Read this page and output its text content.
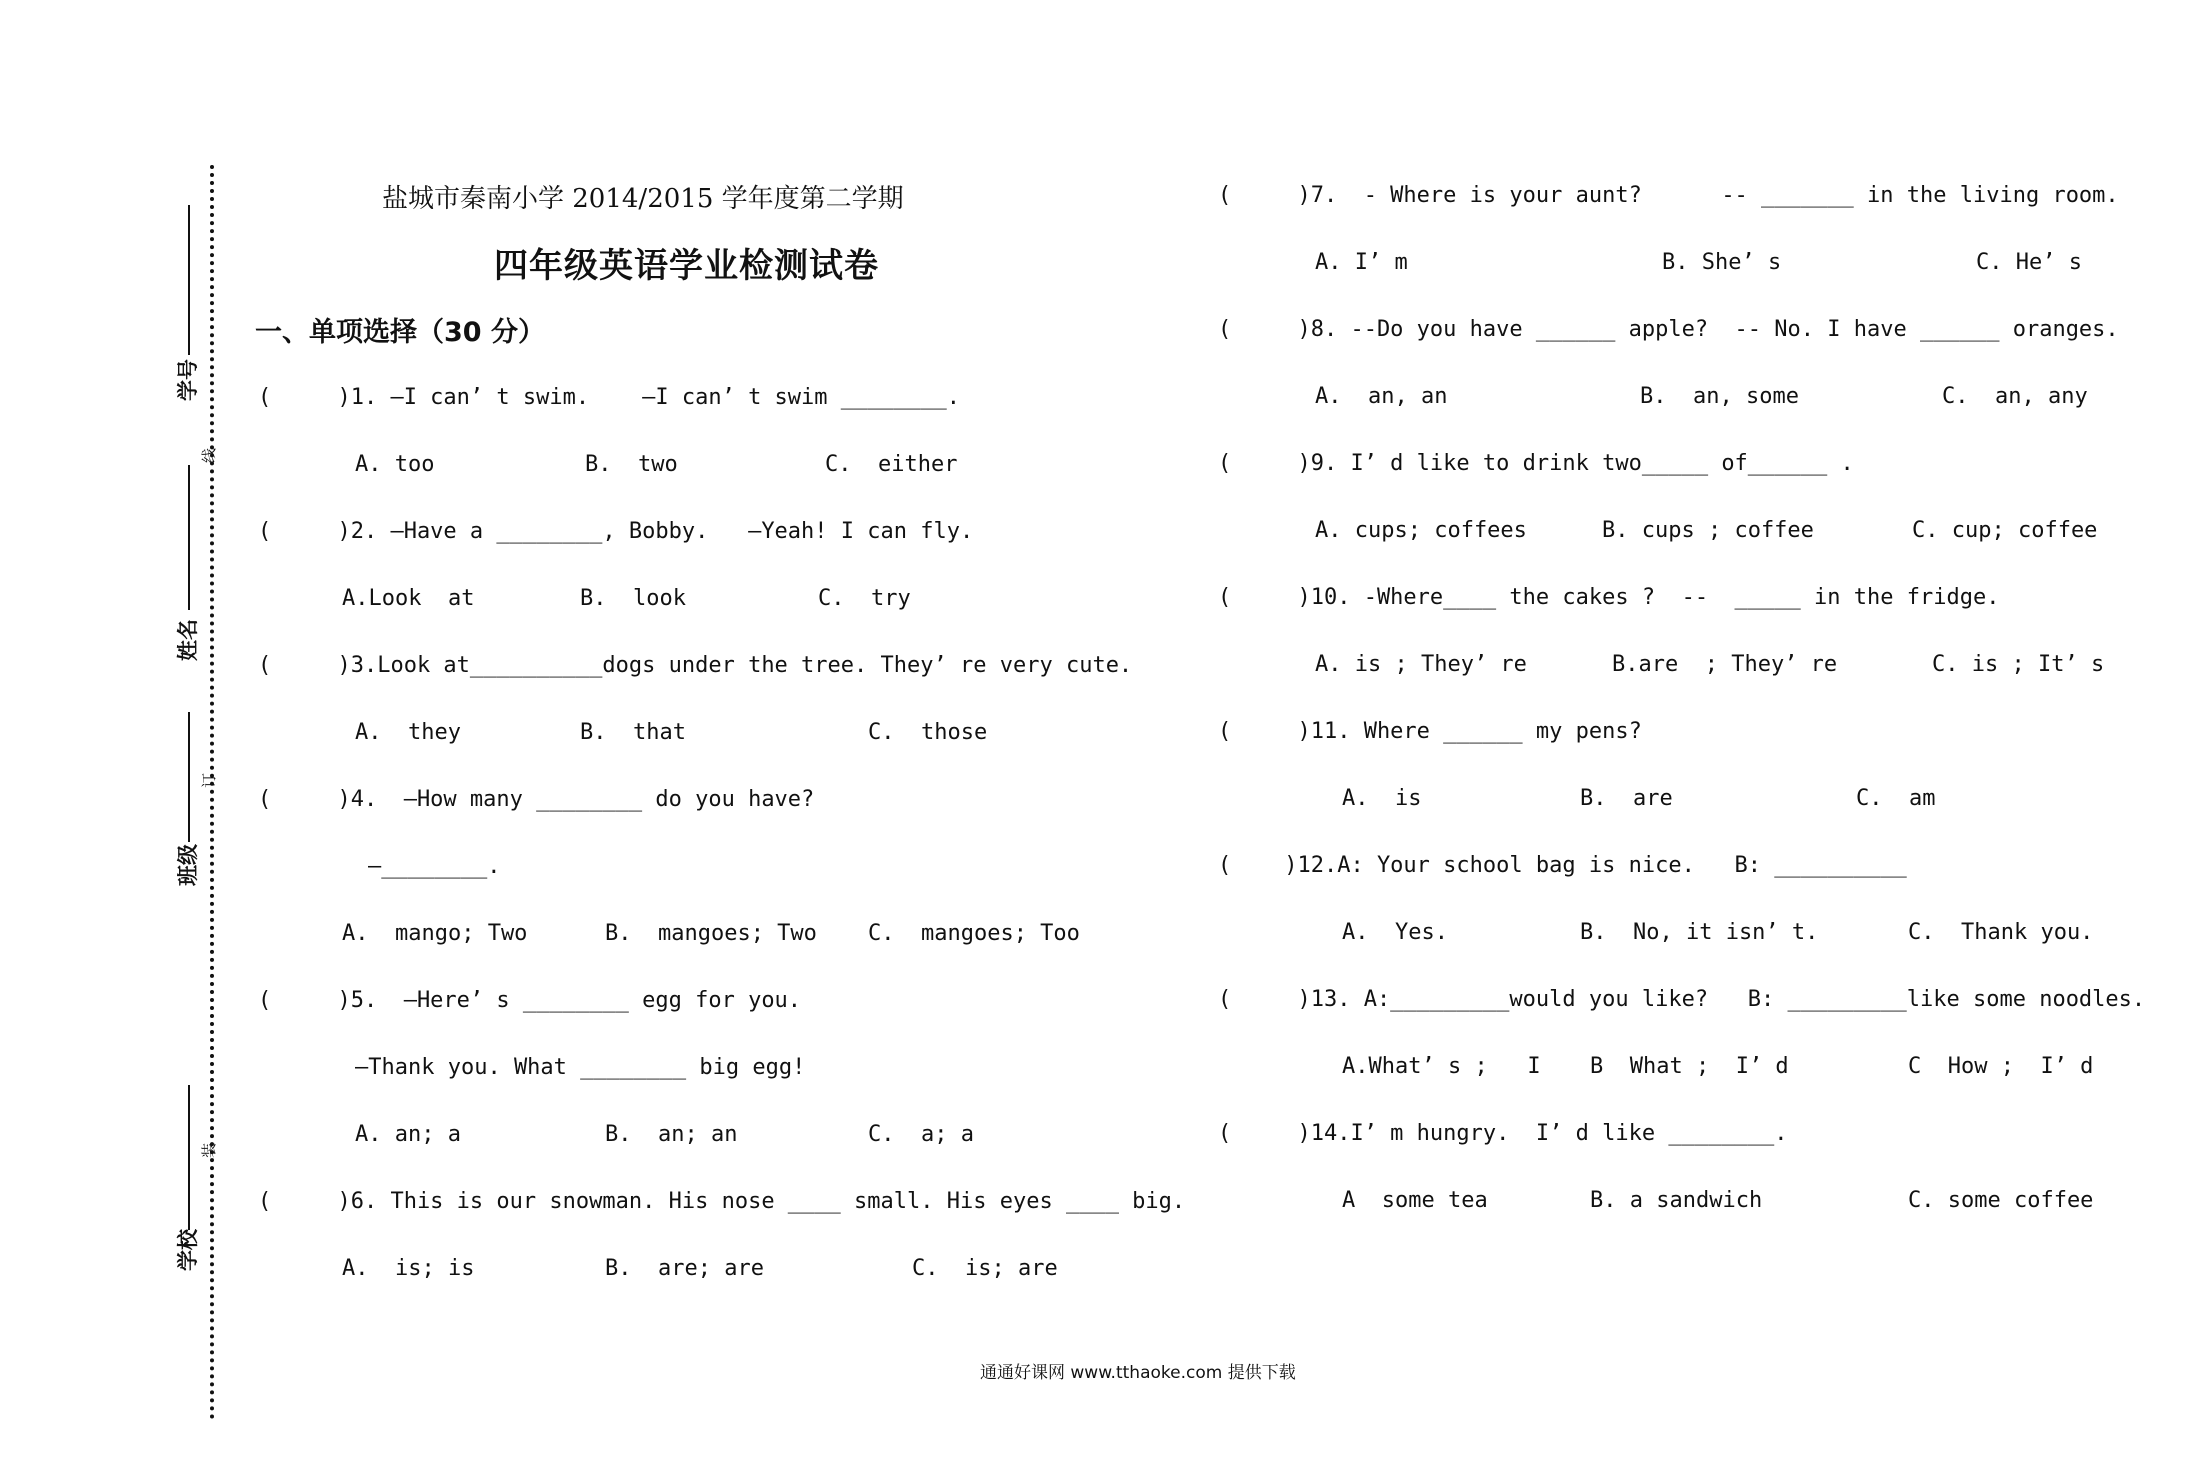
学号
线
姓名
订
班级
装
学校
盐城市秦南小学 2014/2015 学年度第二学期
四年级英语学业检测试卷
一、单项选择（30 分）
(     )1. —I can’ t swim.    —I can’ t swim ________.
A. too	B.  two	C.  either
(     )2. —Have a ________, Bobby.   —Yeah! I can fly.
A.Look  at	B.  look	C.  try
(     )3.Look at__________dogs under the tree. They’ re very cute.
A.  they	B.  that	C.  those
(     )4.  —How many ________ do you have?
—________.
A.  mango; Two	B.  mangoes; Two C.  mangoes; Too
(     )5.  —Here’ s ________ egg for you.
—Thank you. What ________ big egg!
A. an; a	B.  an; an	C.  a; a
(     )6. This is our snowman. His nose ____ small. His eyes ____ big.
A.  is; is	B.  are; are	C.  is; are
(     )7.  - Where is your aunt?      -- _______ in the living room.
A. I’ m	B. She’ s	C. He’ s
(     )8. --Do you have ______ apple?  -- No. I have ______ oranges.
A.  an, an	B.  an, some	C.  an, any
(     )9. I’ d like to drink two_____ of______ .
A. cups; coffees	B. cups ; coffee	C. cup; coffee
(     )10. -Where____ the cakes ?  --  _____ in the fridge.
A. is ; They’ re	B.are  ; They’ re	C. is ; It’ s
(     )11. Where ______ my pens?
A.  is	B.  are	C.  am
(    )12.A: Your school bag is nice.   B: __________
A.  Yes.	B.  No, it isn’ t.	C.  Thank you.
(     )13. A:_________would you like?   B: _________like some noodles.
A.What’ s ;   I B  What ;  I’ d	C  How ;  I’ d
(     )14.I’ m hungry.  I’ d like ________.
A  some tea	B. a sandwich	C. some coffee
通通好课网 www.tthaoke.com 提供下载
